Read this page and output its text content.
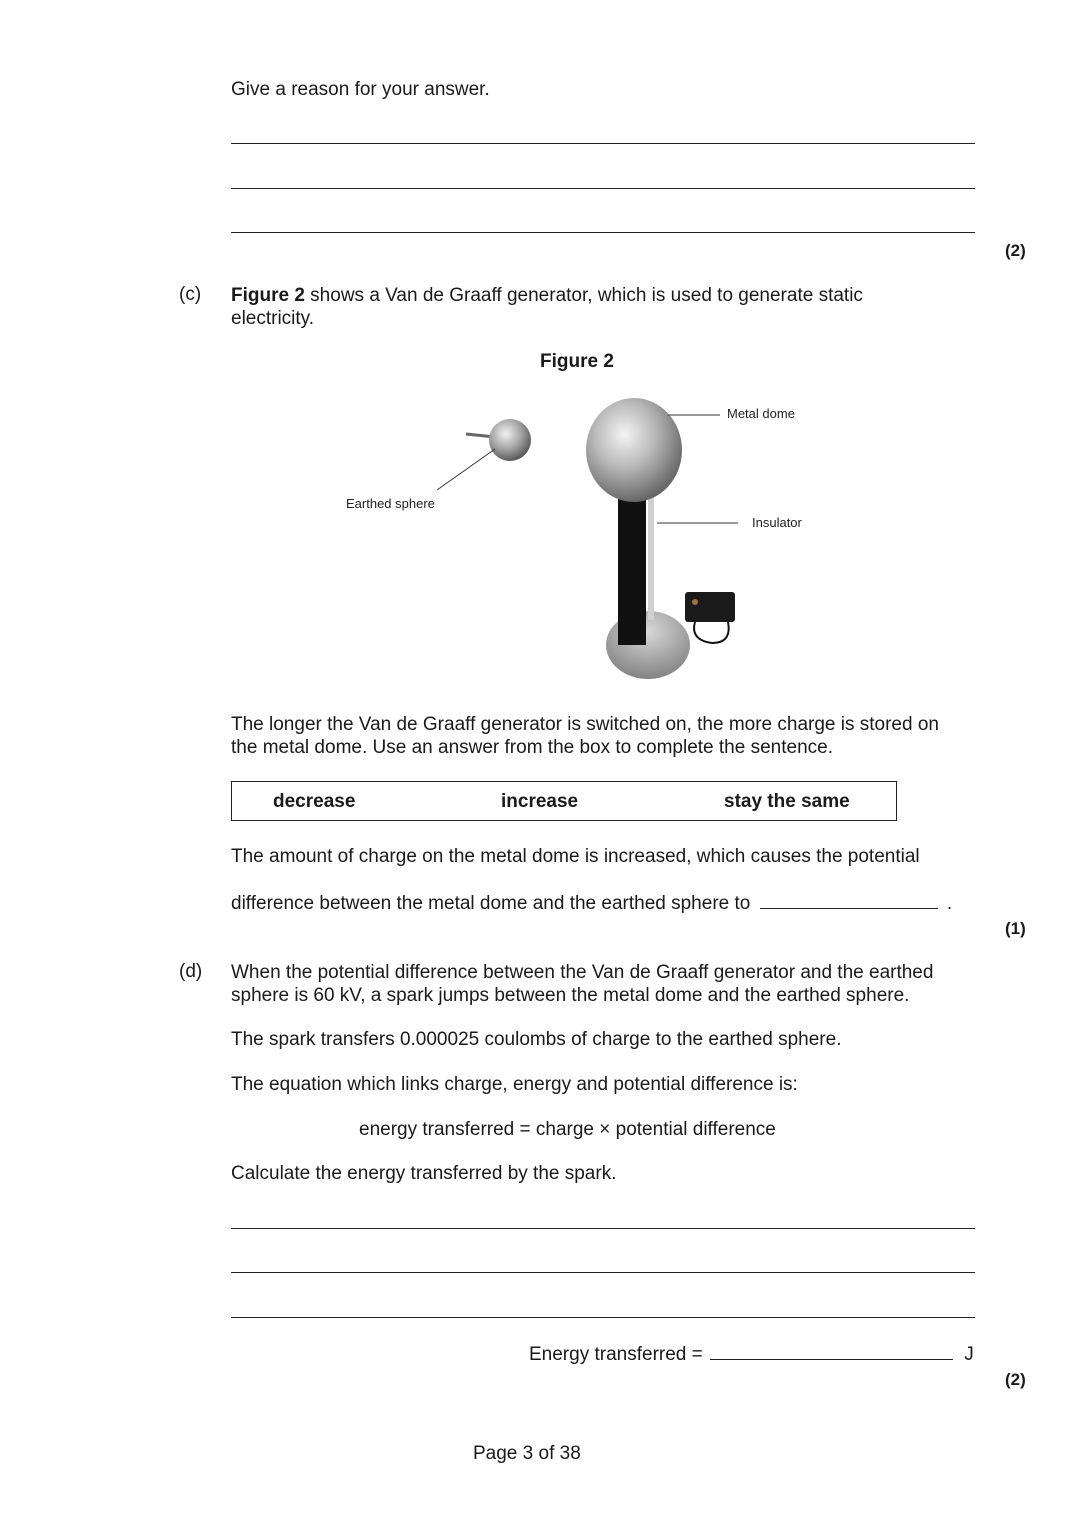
Give a reason for your answer.
(2)
(c) Figure 2 shows a Van de Graaff generator, which is used to generate static
electricity.
Figure 2
Metal dome
Earthed sphere
Insulator
The longer the Van de Graaff generator is switched on, the more charge is stored on
the metal dome. Use an answer from the box to complete the sentence.
decrease	increase	stay the same
The amount of charge on the metal dome is increased, which causes the potential
difference between the metal dome and the earthed sphere to	.
(1)
(d) When the potential difference between the Van de Graaff generator and the earthed
sphere is 60 kV, a spark jumps between the metal dome and the earthed sphere.
The spark transfers 0.000025 coulombs of charge to the earthed sphere.
The equation which links charge, energy and potential difference is:
energy transferred = charge × potential difference
Calculate the energy transferred by the spark.
Energy transferred =	J
(2)
Page 3 of 38
